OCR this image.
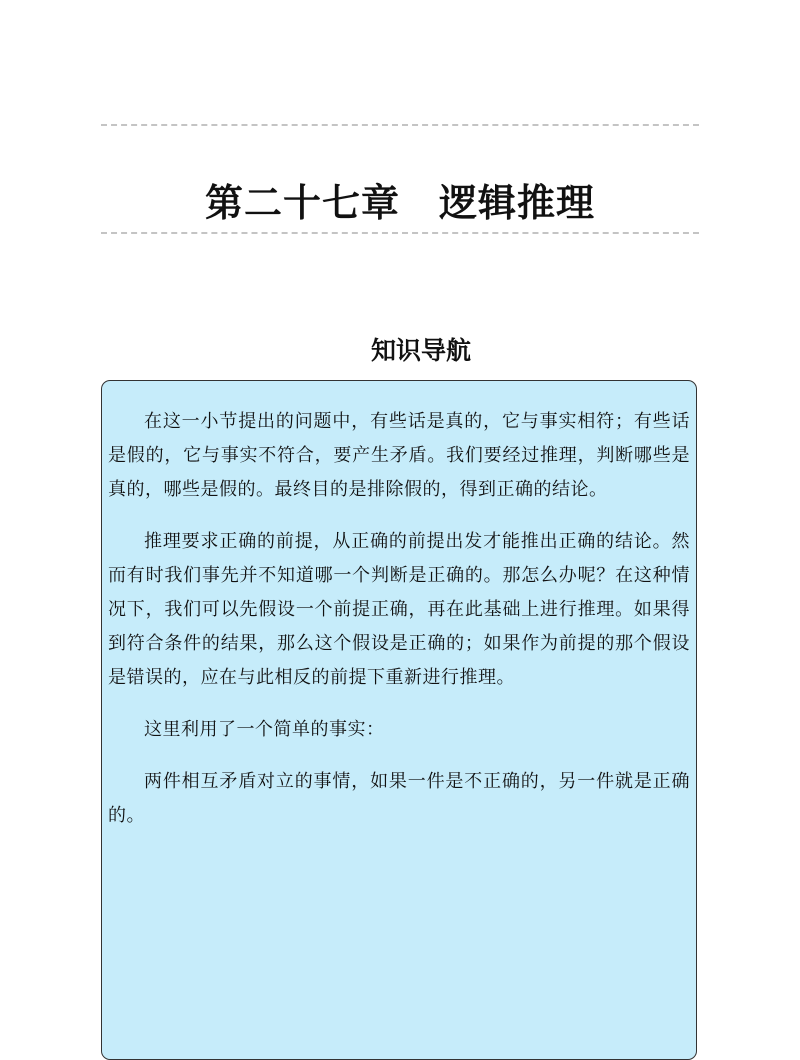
第二十七章　逻辑推理
知识导航

在这一小节提出的问题中，有些话是真的，它与事实相符；有些话是假的，它与事实不符合，要产生矛盾。我们要经过推理，判断哪些是真的，哪些是假的。最终目的是排除假的，得到正确的结论。

推理要求正确的前提，从正确的前提出发才能推出正确的结论。然而有时我们事先并不知道哪一个判断是正确的。那怎么办呢？在这种情况下，我们可以先假设一个前提正确，再在此基础上进行推理。如果得到符合条件的结果，那么这个假设是正确的；如果作为前提的那个假设是错误的，应在与此相反的前提下重新进行推理。

这里利用了一个简单的事实：

两件相互矛盾对立的事情，如果一件是不正确的，另一件就是正确的。
